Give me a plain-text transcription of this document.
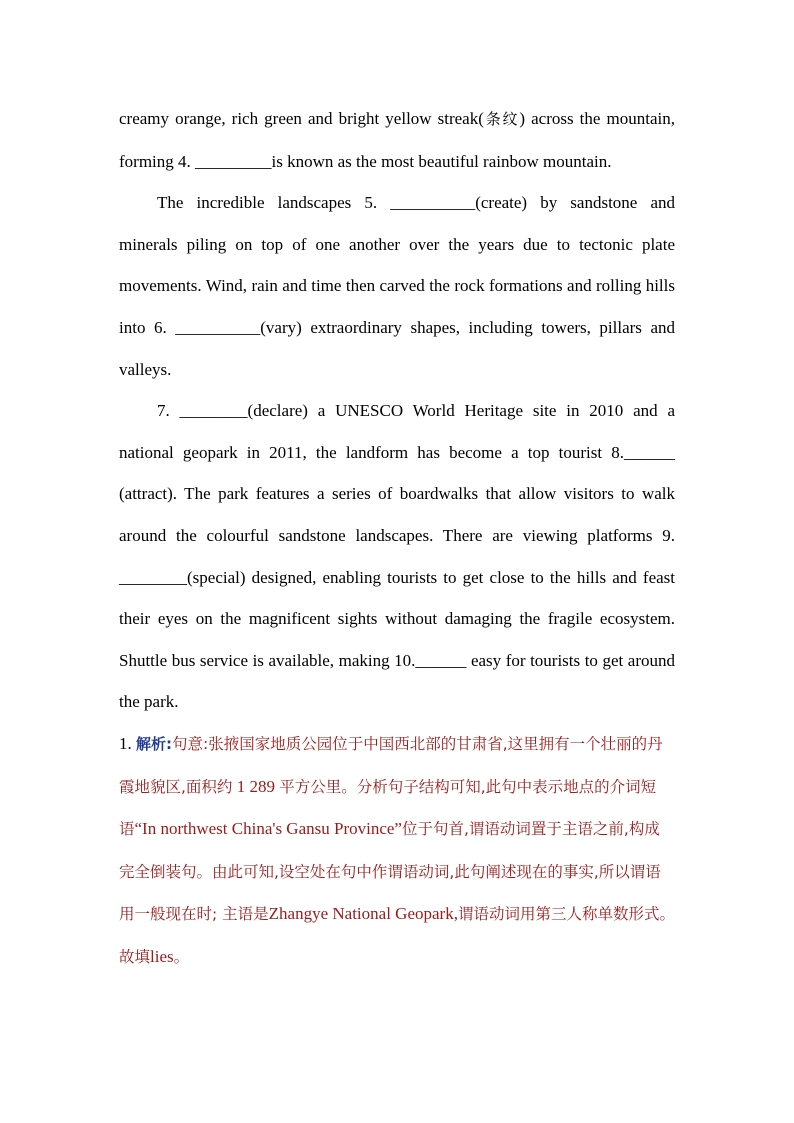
creamy orange, rich green and bright yellow streak(条纹) across the mountain, forming 4. _________is known as the most beautiful rainbow mountain.

The incredible landscapes 5. __________(create) by sandstone and minerals piling on top of one another over the years due to tectonic plate movements. Wind, rain and time then carved the rock formations and rolling hills into 6. __________(vary) extraordinary shapes, including towers, pillars and valleys.

7. ________(declare) a UNESCO World Heritage site in 2010 and a national geopark in 2011, the landform has become a top tourist 8.______ (attract). The park features a series of boardwalks that allow visitors to walk around the colourful sandstone landscapes. There are viewing platforms 9. ________(special) designed, enabling tourists to get close to the hills and feast their eyes on the magnificent sights without damaging the fragile ecosystem. Shuttle bus service is available, making 10.______ easy for tourists to get around the park.

1. 解析:句意:张掖国家地质公园位于中国西北部的甘肃省,这里拥有一个壮丽的丹霞地貌区,面积约 1 289 平方公里。分析句子结构可知,此句中表示地点的介词短语“In northwest China's Gansu Province”位于句首,谓语动词置于主语之前,构成完全倒装句。由此可知,设空处在句中作谓语动词,此句阐述现在的事实,所以谓语用一般现在时; 主语是Zhangye National Geopark,谓语动词用第三人称单数形式。故填lies。
